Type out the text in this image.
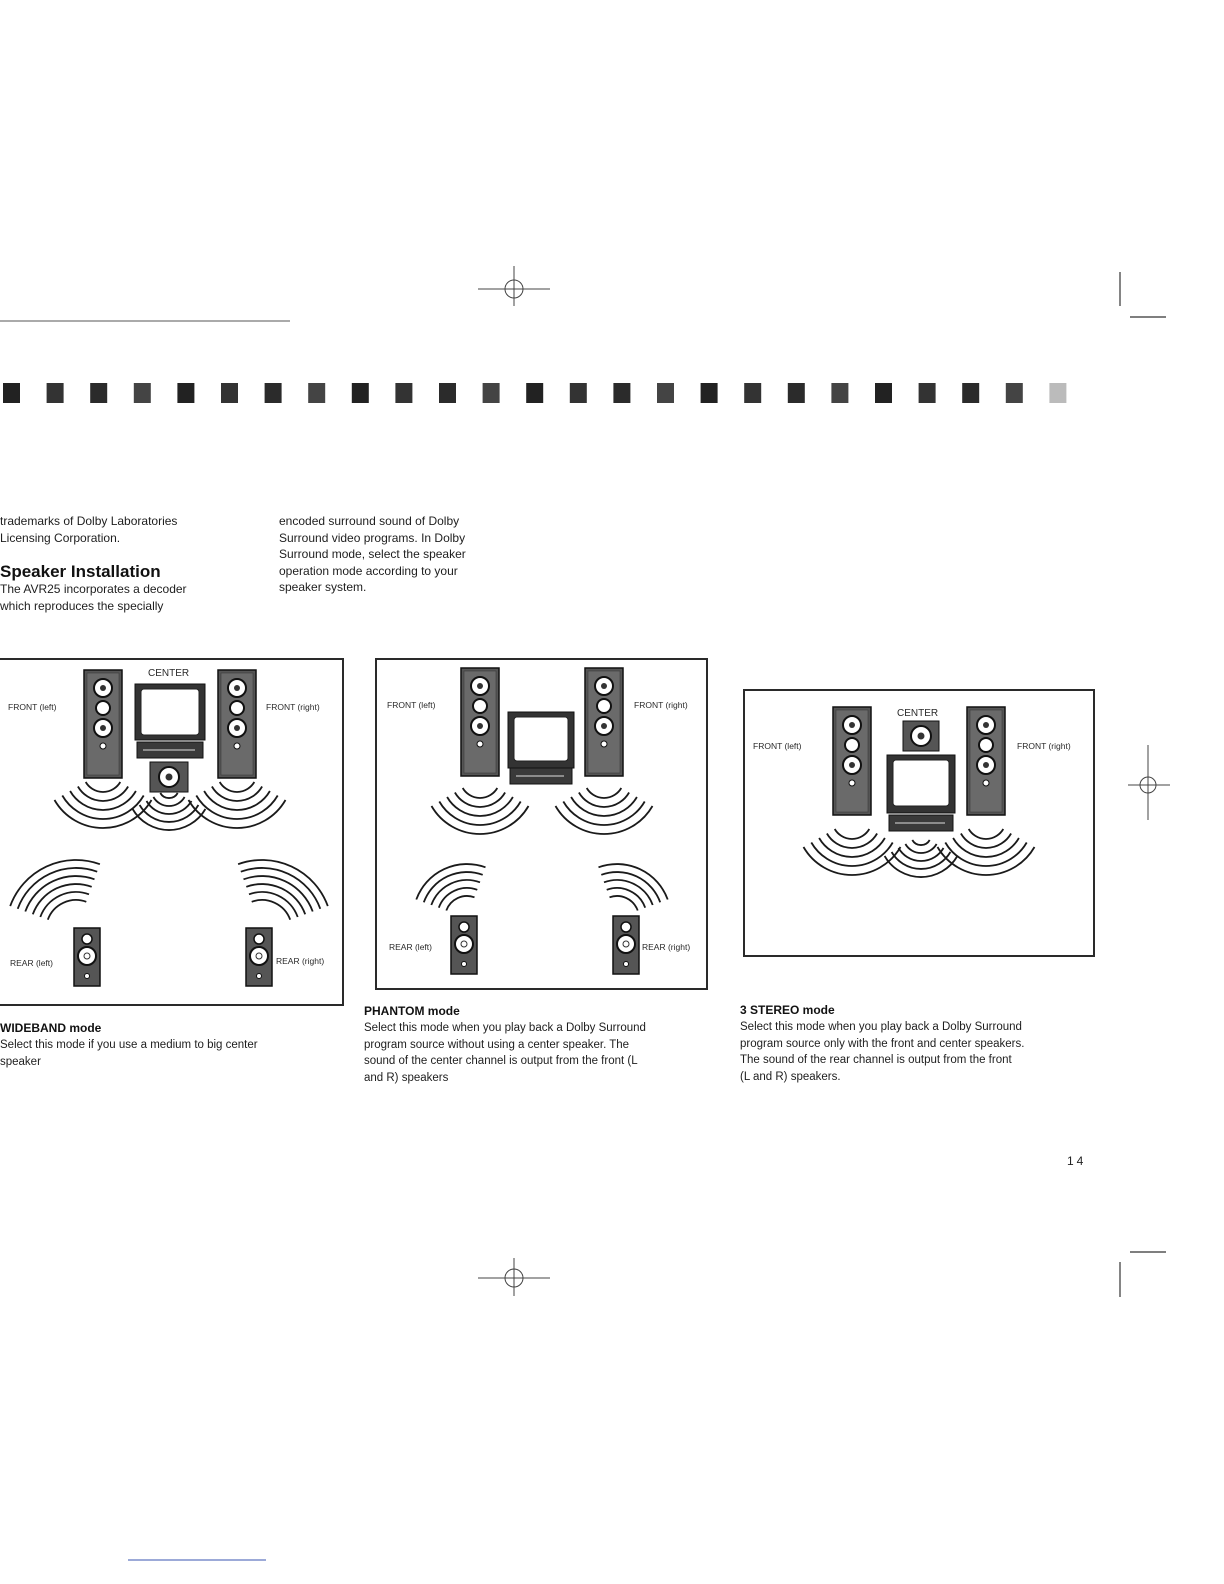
trademarks of Dolby Laboratories
Licensing Corporation.
Speaker Installation
The AVR25 incorporates a decoder
which reproduces the specially
encoded surround sound of Dolby
Surround video programs. In Dolby
Surround mode, select the speaker
operation mode according to your
speaker system.
CENTER
FRONT (left)	FRONT (right)
REAR (left)	REAR (right)
FRONT (left)	FRONT (right)
REAR (left)	REAR (right)
CENTER
FRONT (left)	FRONT (right)
WIDEBAND mode
Select this mode if you use a medium to big center
speaker
PHANTOM mode
Select this mode when you play back a Dolby Surround
program source without using a center speaker. The
sound of the center channel is output from the front (L
and R) speakers
3 STEREO mode
Select this mode when you play back a Dolby Surround
program source only with the front and center speakers.
The sound of the rear channel is output from the front
(L and R) speakers.
14
